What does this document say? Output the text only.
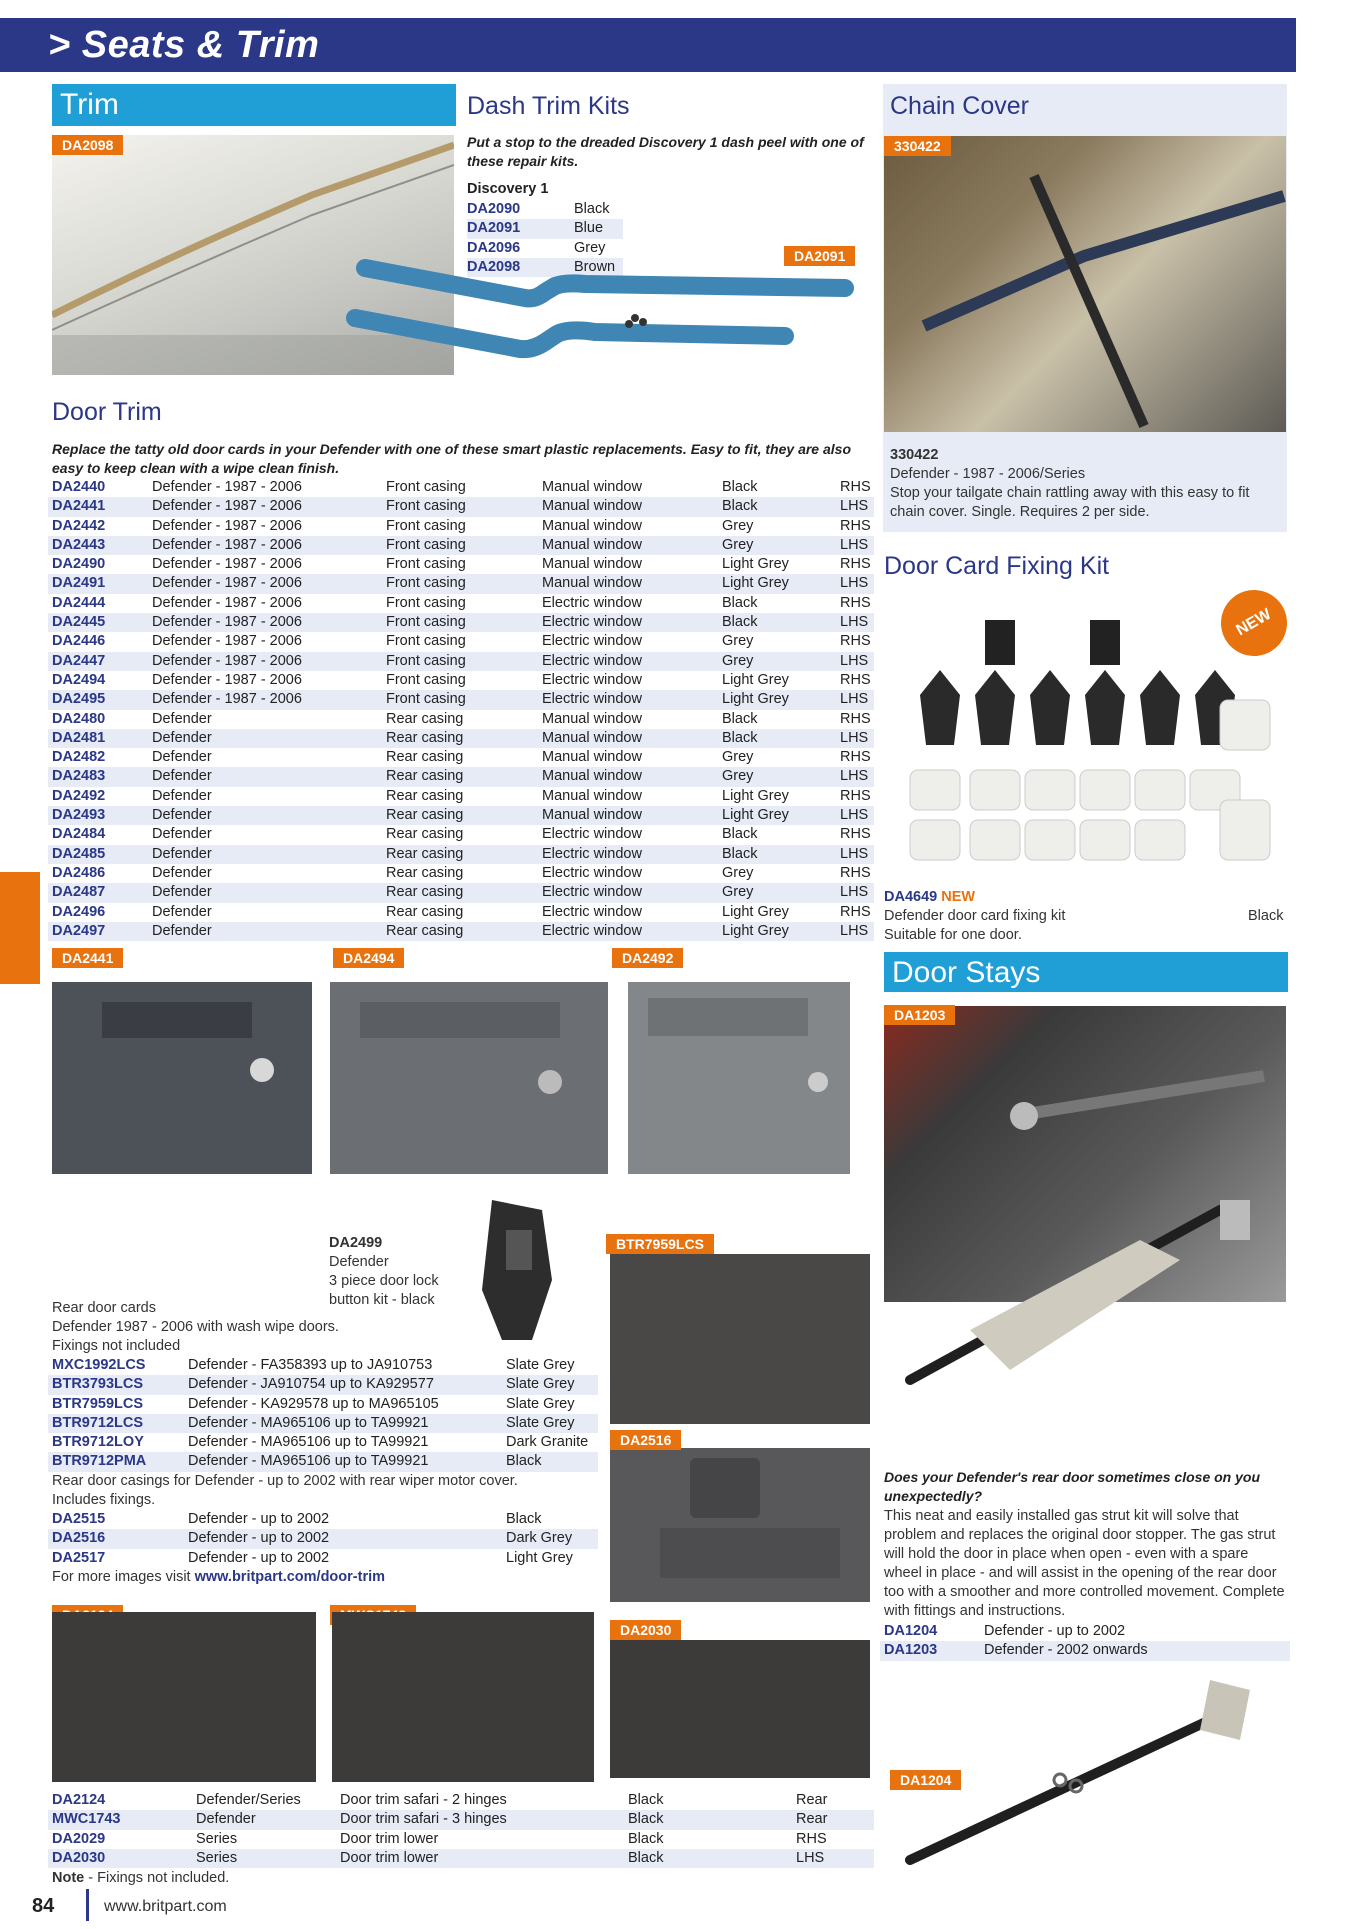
> Seats & Trim
Trim
DA2098
Dash Trim Kits
Put a stop to the dreaded Discovery 1 dash peel with one of these repair kits.
Discovery 1
DA2090	Black
DA2091	Blue
DA2096	Grey
DA2098	Brown
DA2091
Chain Cover
330422
330422
Defender - 1987 - 2006/Series
Stop your tailgate chain rattling away with this easy to fit chain cover. Single. Requires 2 per side.
Door Trim
Replace the tatty old door cards in your Defender with one of these smart plastic replacements. Easy to fit, they are also easy to keep clean with a wipe clean finish.
DA2440	Defender - 1987 - 2006	Front casing	Manual window	Black	RHS
DA2441	Defender - 1987 - 2006	Front casing	Manual window	Black	LHS
DA2442	Defender - 1987 - 2006	Front casing	Manual window	Grey	RHS
DA2443	Defender - 1987 - 2006	Front casing	Manual window	Grey	LHS
DA2490	Defender - 1987 - 2006	Front casing	Manual window	Light Grey	RHS
DA2491	Defender - 1987 - 2006	Front casing	Manual window	Light Grey	LHS
DA2444	Defender - 1987 - 2006	Front casing	Electric window	Black	RHS
DA2445	Defender - 1987 - 2006	Front casing	Electric window	Black	LHS
DA2446	Defender - 1987 - 2006	Front casing	Electric window	Grey	RHS
DA2447	Defender - 1987 - 2006	Front casing	Electric window	Grey	LHS
DA2494	Defender - 1987 - 2006	Front casing	Electric window	Light Grey	RHS
DA2495	Defender - 1987 - 2006	Front casing	Electric window	Light Grey	LHS
DA2480	Defender	Rear casing	Manual window	Black	RHS
DA2481	Defender	Rear casing	Manual window	Black	LHS
DA2482	Defender	Rear casing	Manual window	Grey	RHS
DA2483	Defender	Rear casing	Manual window	Grey	LHS
DA2492	Defender	Rear casing	Manual window	Light Grey	RHS
DA2493	Defender	Rear casing	Manual window	Light Grey	LHS
DA2484	Defender	Rear casing	Electric window	Black	RHS
DA2485	Defender	Rear casing	Electric window	Black	LHS
DA2486	Defender	Rear casing	Electric window	Grey	RHS
DA2487	Defender	Rear casing	Electric window	Grey	LHS
DA2496	Defender	Rear casing	Electric window	Light Grey	RHS
DA2497	Defender	Rear casing	Electric window	Light Grey	LHS
DA2441	DA2494	DA2492
DA2499
Defender
3 piece door lock
button kit - black
Rear door cards
Defender 1987 - 2006 with wash wipe doors.
Fixings not included
MXC1992LCS	Defender - FA358393 up to JA910753	Slate Grey
BTR3793LCS	Defender - JA910754 up to KA929577	Slate Grey
BTR7959LCS	Defender - KA929578 up to MA965105	Slate Grey
BTR9712LCS	Defender - MA965106 up to TA99921	Slate Grey
BTR9712LOY	Defender - MA965106 up to TA99921	Dark Granite
BTR9712PMA	Defender - MA965106 up to TA99921	Black
Rear door casings for Defender - up to 2002 with rear wiper motor cover.
Includes fixings.
DA2515	Defender - up to 2002	Black
DA2516	Defender - up to 2002	Dark Grey
DA2517	Defender - up to 2002	Light Grey
For more images visit www.britpart.com/door-trim
BTR7959LCS
DA2516
DA2030
DA2124	Defender/Series	Door trim safari - 2 hinges	Black	Rear
MWC1743	Defender	Door trim safari - 3 hinges	Black	Rear
DA2029	Series	Door trim lower	Black	RHS
DA2030	Series	Door trim lower	Black	LHS
Note - Fixings not included.
Door Card Fixing Kit
NEW
DA4649 NEW
Defender door card fixing kit	Black
Suitable for one door.
Door Stays
DA1203
Does your Defender's rear door sometimes close on you unexpectedly?
This neat and easily installed gas strut kit will solve that problem and replaces the original door stopper. The gas strut will hold the door in place when open - even with a spare wheel in place - and will assist in the opening of the rear door too with a smoother and more controlled movement. Complete with fittings and instructions.
DA1204	Defender - up to 2002
DA1203	Defender - 2002 onwards
DA1204
84	www.britpart.com
